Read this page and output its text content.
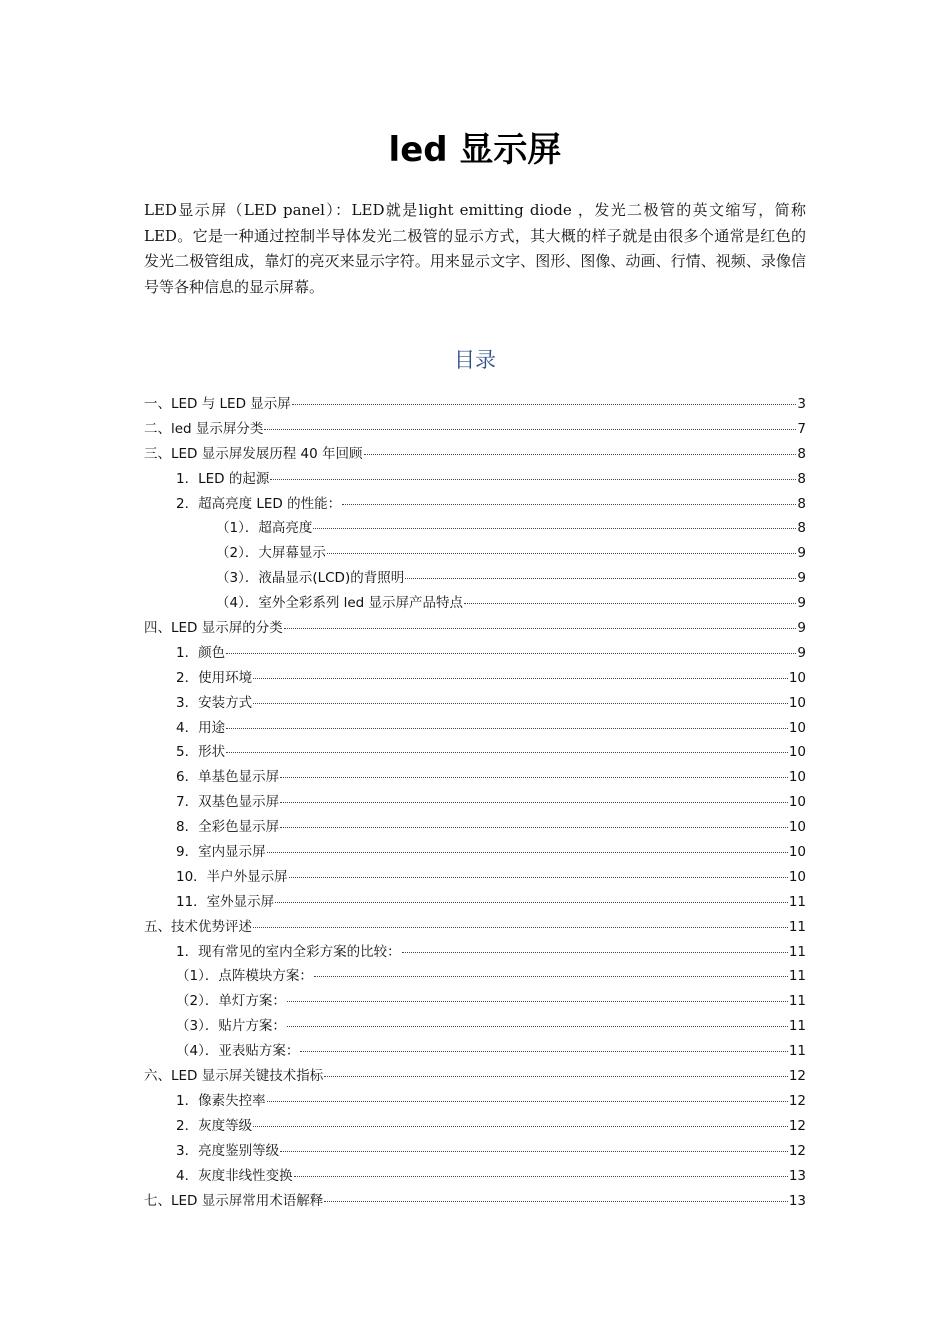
led 显示屏

LED显示屏（LED panel）：LED就是light emitting diode ，发光二极管的英文缩写，简称LED。它是一种通过控制半导体发光二极管的显示方式，其大概的样子就是由很多个通常是红色的发光二极管组成，靠灯的亮灭来显示字符。用来显示文字、图形、图像、动画、行情、视频、录像信号等各种信息的显示屏幕。

目录
一、LED 与 LED 显示屏	3
二、led 显示屏分类	7
三、LED 显示屏发展历程 40 年回顾	8
1．LED 的起源	8
2．超高亮度 LED 的性能：	8
（1）．超高亮度	8
（2）．大屏幕显示	9
（3）．液晶显示(LCD)的背照明	9
（4）．室外全彩系列 led 显示屏产品特点	9
四、LED 显示屏的分类	9
1．颜色	9
2．使用环境	10
3．安装方式	10
4．用途	10
5．形状	10
6．单基色显示屏	10
7．双基色显示屏	10
8．全彩色显示屏	10
9．室内显示屏	10
10．半户外显示屏	10
11．室外显示屏	11
五、技术优势评述	11
1．现有常见的室内全彩方案的比较：	11
（1）．点阵模块方案：	11
（2）．单灯方案：	11
（3）．贴片方案：	11
（4）．亚表贴方案：	11
六、LED 显示屏关键技术指标	12
1．像素失控率	12
2．灰度等级	12
3．亮度鉴别等级	12
4．灰度非线性变换	13
七、LED 显示屏常用术语解释	13
